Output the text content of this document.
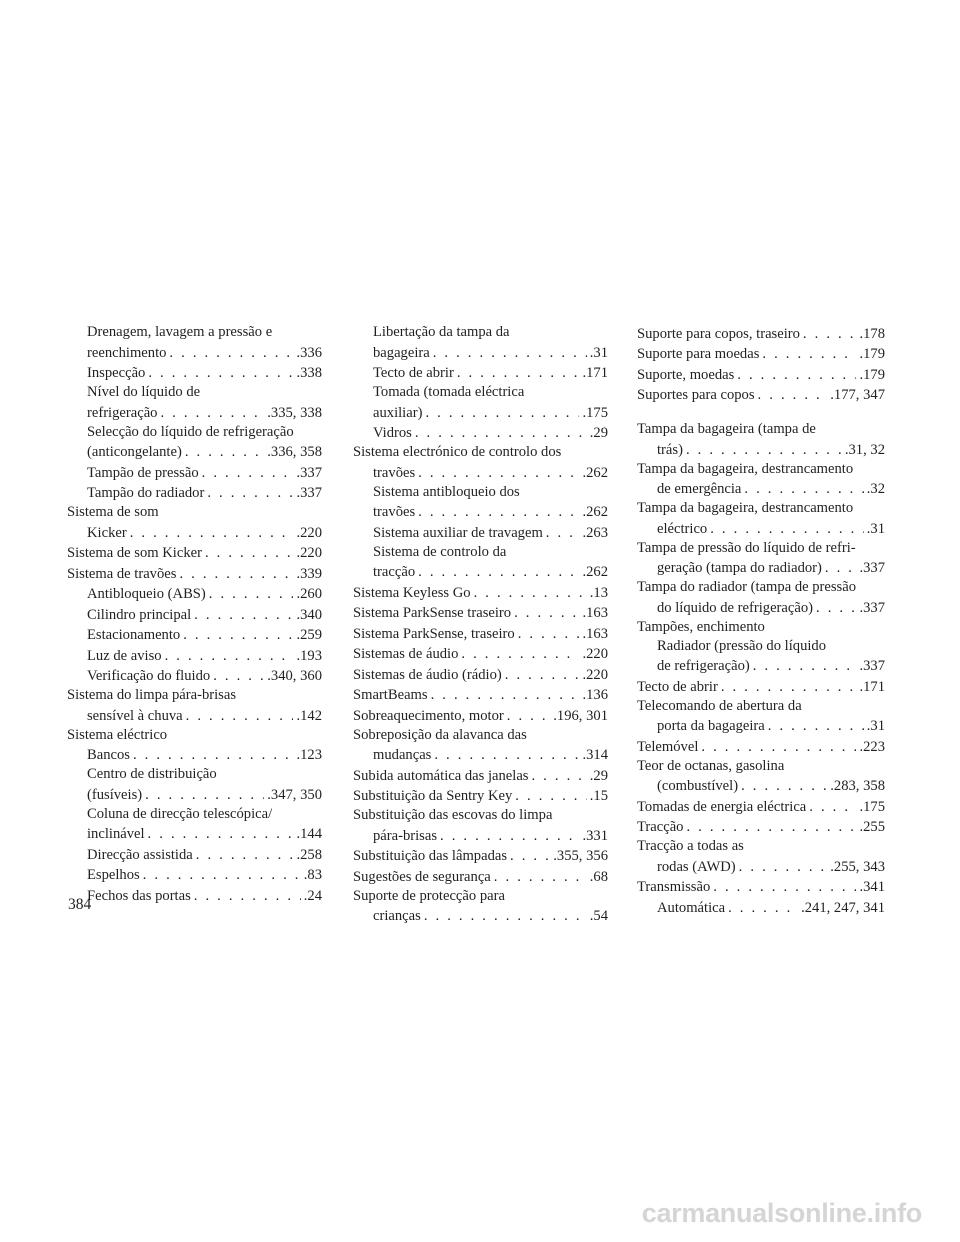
Drenagem, lavagem a pressão e
reenchimento . . .	.336
Inspecção . . .	.338
Nível do líquido de
refrigeração . . .	.335, 338
Selecção do líquido de refrigeração
(anticongelante) . . .	.336, 358
Tampão de pressão . . .	.337
Tampão do radiador . . .	.337
Sistema de som
Kicker . . .	.220
Sistema de som Kicker . . .	.220
Sistema de travões . . .	.339
Antibloqueio (ABS) . . .	.260
Cilindro principal . . .	.340
Estacionamento . . .	.259
Luz de aviso . . .	.193
Verificação do fluido . . .	.340, 360
Sistema do limpa pára-brisas
sensível à chuva . . .	.142
Sistema eléctrico
Bancos . . .	.123
Centro de distribuição
(fusíveis) . . .	.347, 350
Coluna de direcção telescópica/
inclinável . . .	.144
Direcção assistida . . .	.258
Espelhos . . .	.83
Fechos das portas . . .	.24
Libertação da tampa da
bagageira . . .	.31
Tecto de abrir . . .	.171
Tomada (tomada eléctrica
auxiliar) . . .	.175
Vidros . . .	.29
Sistema electrónico de controlo dos
travões . . .	.262
Sistema antibloqueio dos
travões . . .	.262
Sistema auxiliar de travagem . . .	.263
Sistema de controlo da
tracção . . .	.262
Sistema Keyless Go . . .	.13
Sistema ParkSense traseiro . . .	.163
Sistema ParkSense, traseiro . . .	.163
Sistemas de áudio . . .	.220
Sistemas de áudio (rádio) . . .	.220
SmartBeams . . .	.136
Sobreaquecimento, motor . . .	.196, 301
Sobreposição da alavanca das
mudanças . . .	.314
Subida automática das janelas . . .	.29
Substituição da Sentry Key . . .	.15
Substituição das escovas do limpa
pára-brisas . . .	.331
Substituição das lâmpadas . . .	.355, 356
Sugestões de segurança . . .	.68
Suporte de protecção para
crianças . . .	.54
Suporte para copos, traseiro . . .	.178
Suporte para moedas . . .	.179
Suporte, moedas . . .	.179
Suportes para copos . . .	.177, 347
Tampa da bagageira (tampa de
trás) . . .	.31, 32
Tampa da bagageira, destrancamento
de emergência . . .	.32
Tampa da bagageira, destrancamento
eléctrico . . .	.31
Tampa de pressão do líquido de refri-
geração (tampa do radiador) . . .	.337
Tampa do radiador (tampa de pressão
do líquido de refrigeração) . . .	.337
Tampões, enchimento
Radiador (pressão do líquido
de refrigeração) . . .	.337
Tecto de abrir . . .	.171
Telecomando de abertura da
porta da bagageira . . .	.31
Telemóvel . . .	.223
Teor de octanas, gasolina
(combustível) . . .	.283, 358
Tomadas de energia eléctrica . . .	.175
Tracção . . .	.255
Tracção a todas as
rodas (AWD) . . .	.255, 343
Transmissão . . .	.341
Automática . . .	.241, 247, 341
384
carmanualsonline.info
